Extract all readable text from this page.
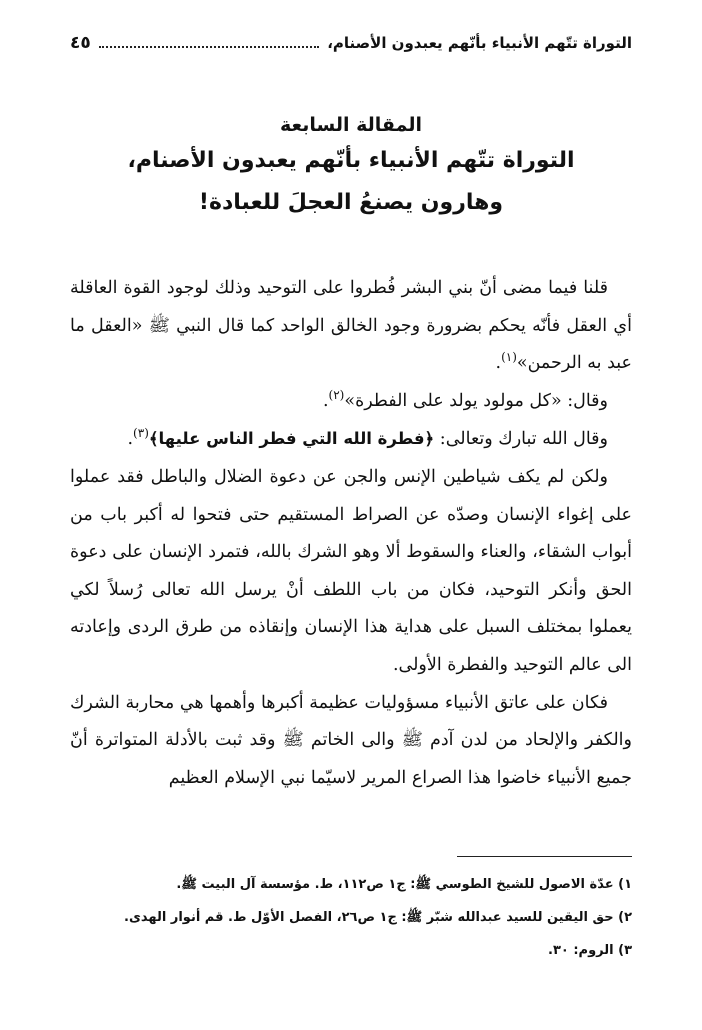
التوراة تتّهم الأنبياء بأنّهم يعبدون الأصنام،
٤٥
المقالة السابعة
التوراة تتّهم الأنبياء بأنّهم يعبدون الأصنام،
وهارون يصنعُ العجلَ للعبادة!

قلنا فيما مضى أنّ بني البشر فُطروا على التوحيد وذلك لوجود القوة العاقلة أي العقل فأنّه يحكم بضرورة وجود الخالق الواحد كما قال النبي ﷺ «العقل ما عبد به الرحمن»$^{(١)}$.

وقال: «كل مولود يولد على الفطرة»$^{(٢)}$.

وقال الله تبارك وتعالى: ﴿فطرة الله التي فطر الناس عليها﴾$^{(٣)}$.

ولكن لم يكف شياطين الإنس والجن عن دعوة الضلال والباطل فقد عملوا على إغواء الإنسان وصدّه عن الصراط المستقيم حتى فتحوا له أكبر باب من أبواب الشقاء، والعناء والسقوط ألا وهو الشرك بالله، فتمرد الإنسان على دعوة الحق وأنكر التوحيد، فكان من باب اللطف أنْ يرسل الله تعالى رُسلاً لكي يعملوا بمختلف السبل على هداية هذا الإنسان وإنقاذه من طرق الردى وإعادته الى عالم التوحيد والفطرة الأولى.

فكان على عاتق الأنبياء مسؤوليات عظيمة أكبرها وأهمها هي محاربة الشرك والكفر والإلحاد من لدن آدم ﷺ والى الخاتم ﷺ وقد ثبت بالأدلة المتواترة أنّ جميع الأنبياء خاضوا هذا الصراع المرير لاسيّما نبي الإسلام العظيم

١) عدّة الاصول للشيخ الطوسي ﷺ: ج١ ص١١٢، ط. مؤسسة آل البيت ﷺ.
٢) حق اليقين للسيد عبدالله شبّر ﷺ: ج١ ص٢٦، الفصل الأوّل ط. قم أنوار الهدى.
٣) الروم: ٣٠.
